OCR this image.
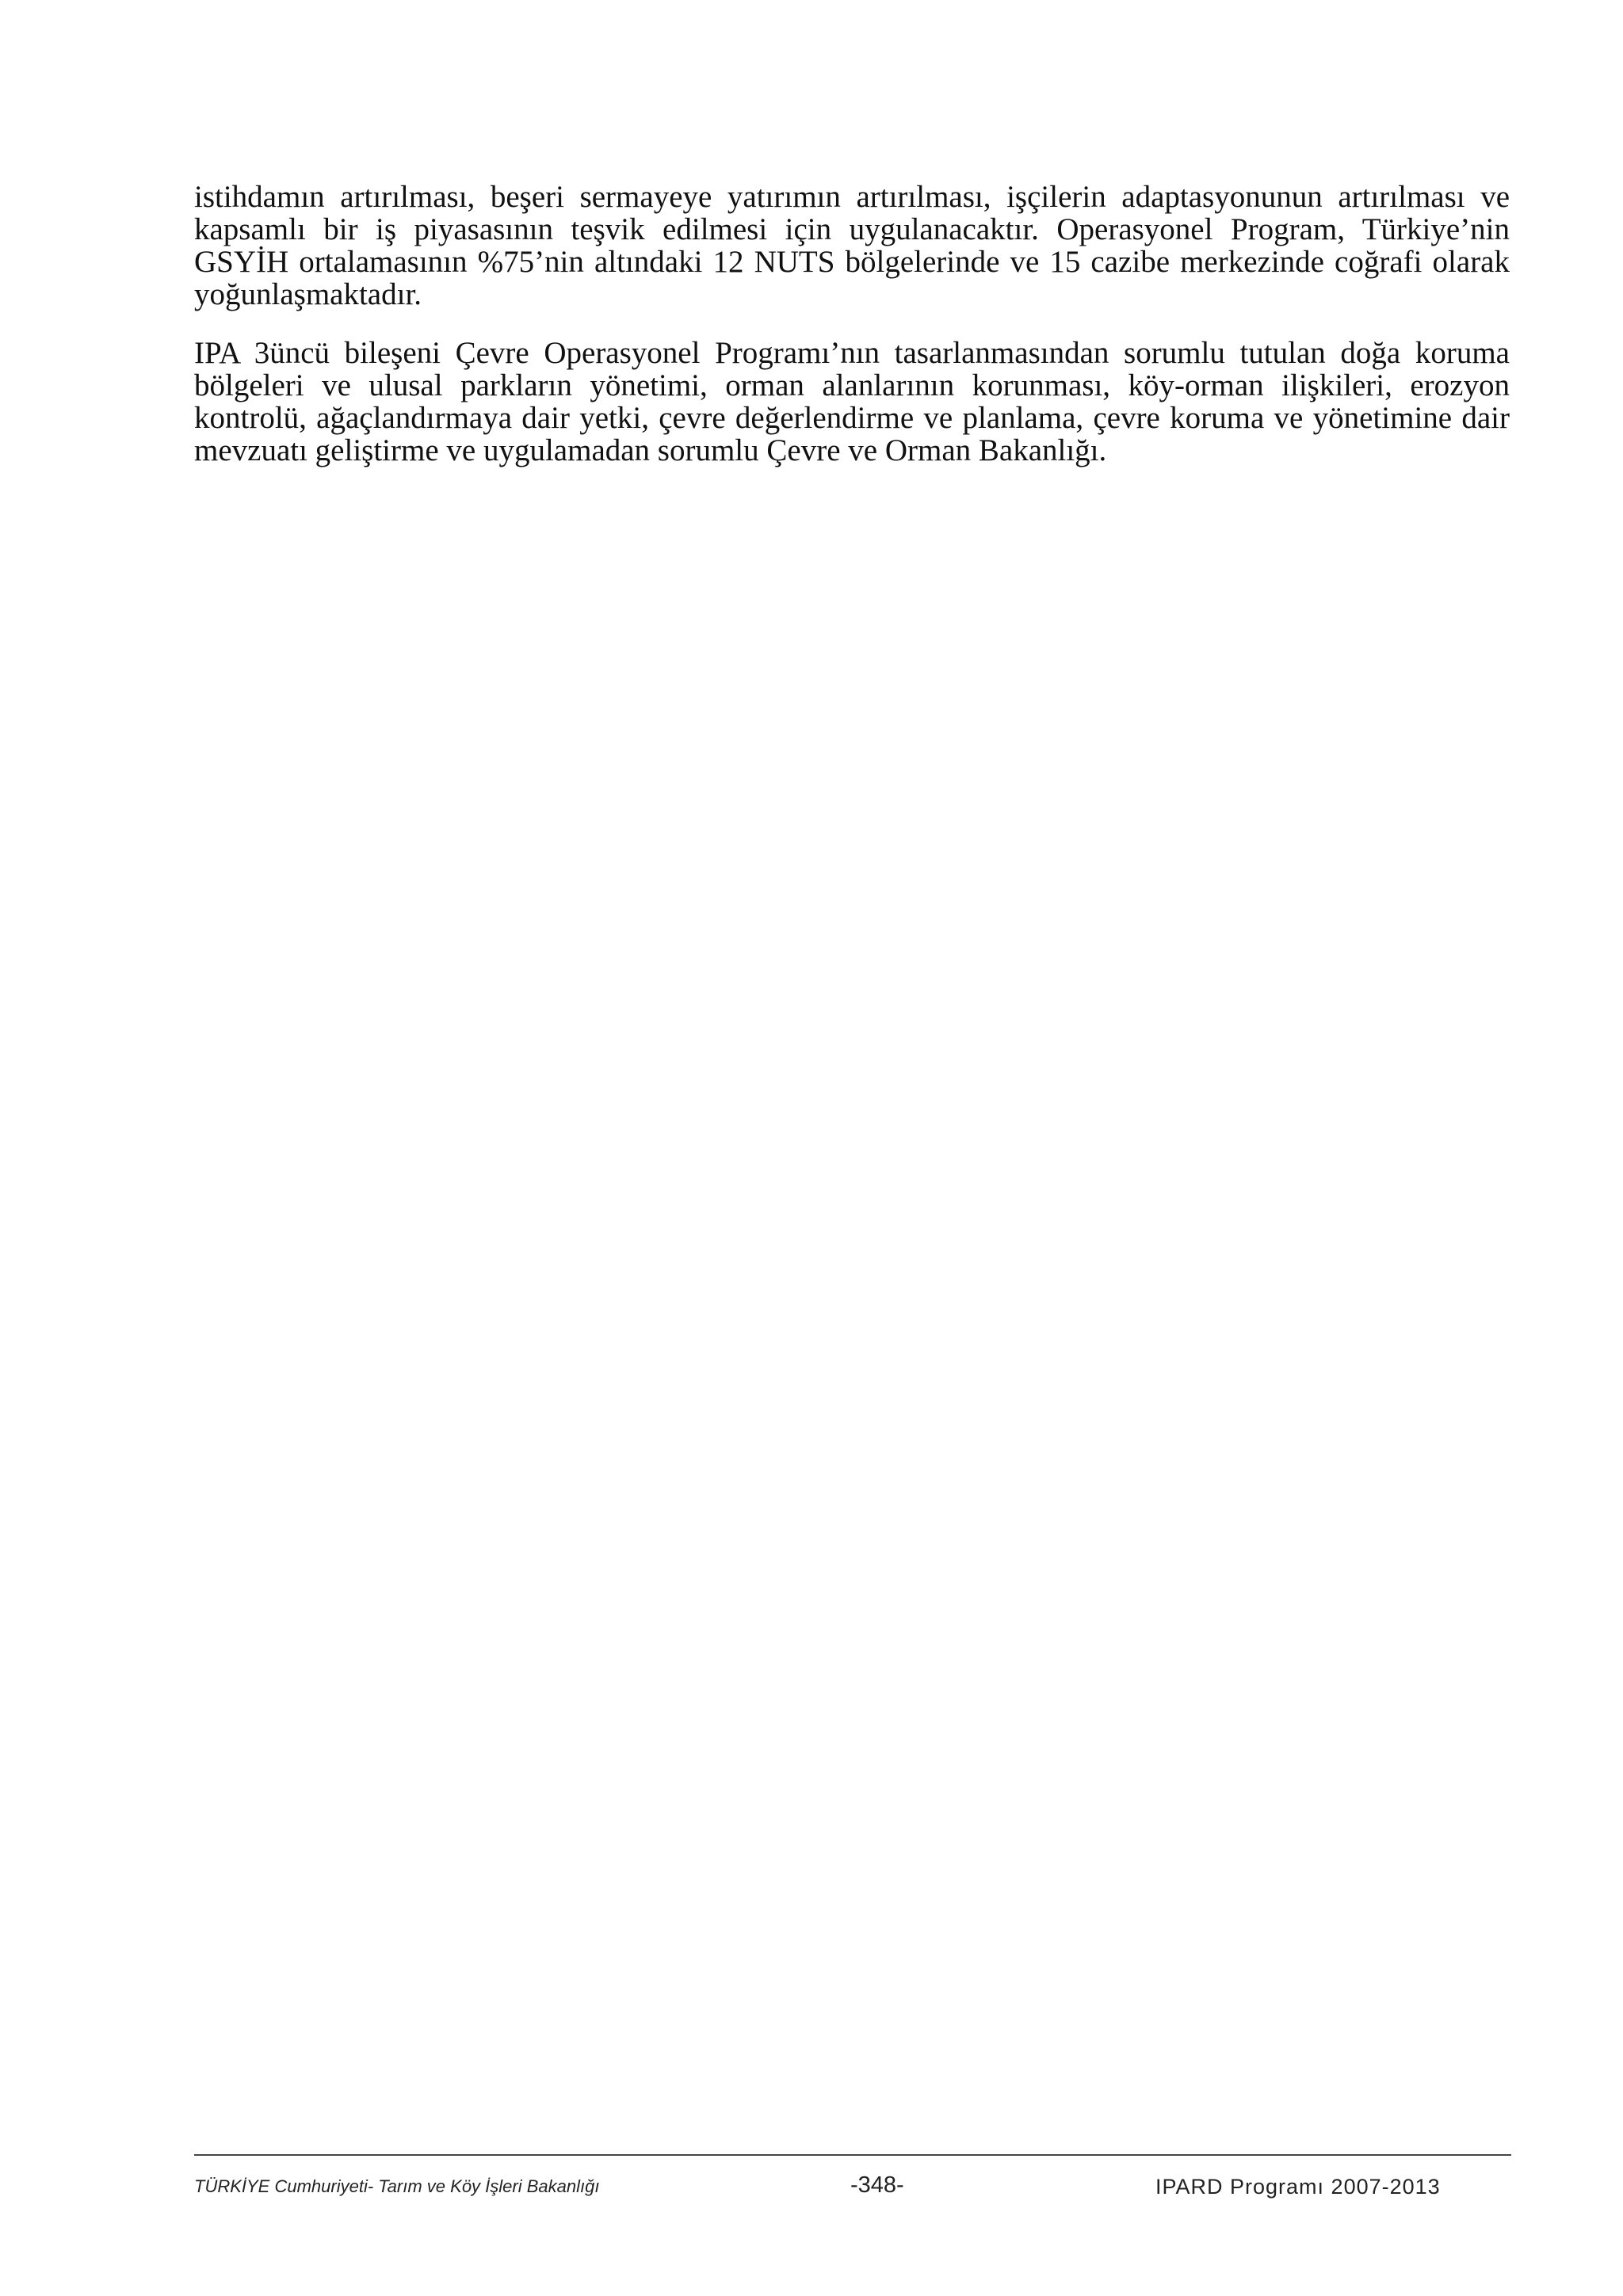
istihdamın artırılması, beşeri sermayeye yatırımın artırılması, işçilerin adaptasyonunun artırılması ve kapsamlı bir iş piyasasının teşvik edilmesi için uygulanacaktır. Operasyonel Program, Türkiye’nin GSYİH ortalamasının %75’nin altındaki 12 NUTS bölgelerinde ve 15 cazibe merkezinde coğrafi olarak yoğunlaşmaktadır.

IPA 3üncü bileşeni Çevre Operasyonel Programı’nın tasarlanmasından sorumlu tutulan doğa koruma bölgeleri ve ulusal parkların yönetimi, orman alanlarının korunması, köy-orman ilişkileri, erozyon kontrolü, ağaçlandırmaya dair yetki, çevre değerlendirme ve planlama, çevre koruma ve yönetimine dair mevzuatı geliştirme ve uygulamadan sorumlu Çevre ve Orman Bakanlığı.

TÜRKİYE Cumhuriyeti- Tarım ve Köy İşleri Bakanlığı	-348-	IPARD Programı 2007-2013
